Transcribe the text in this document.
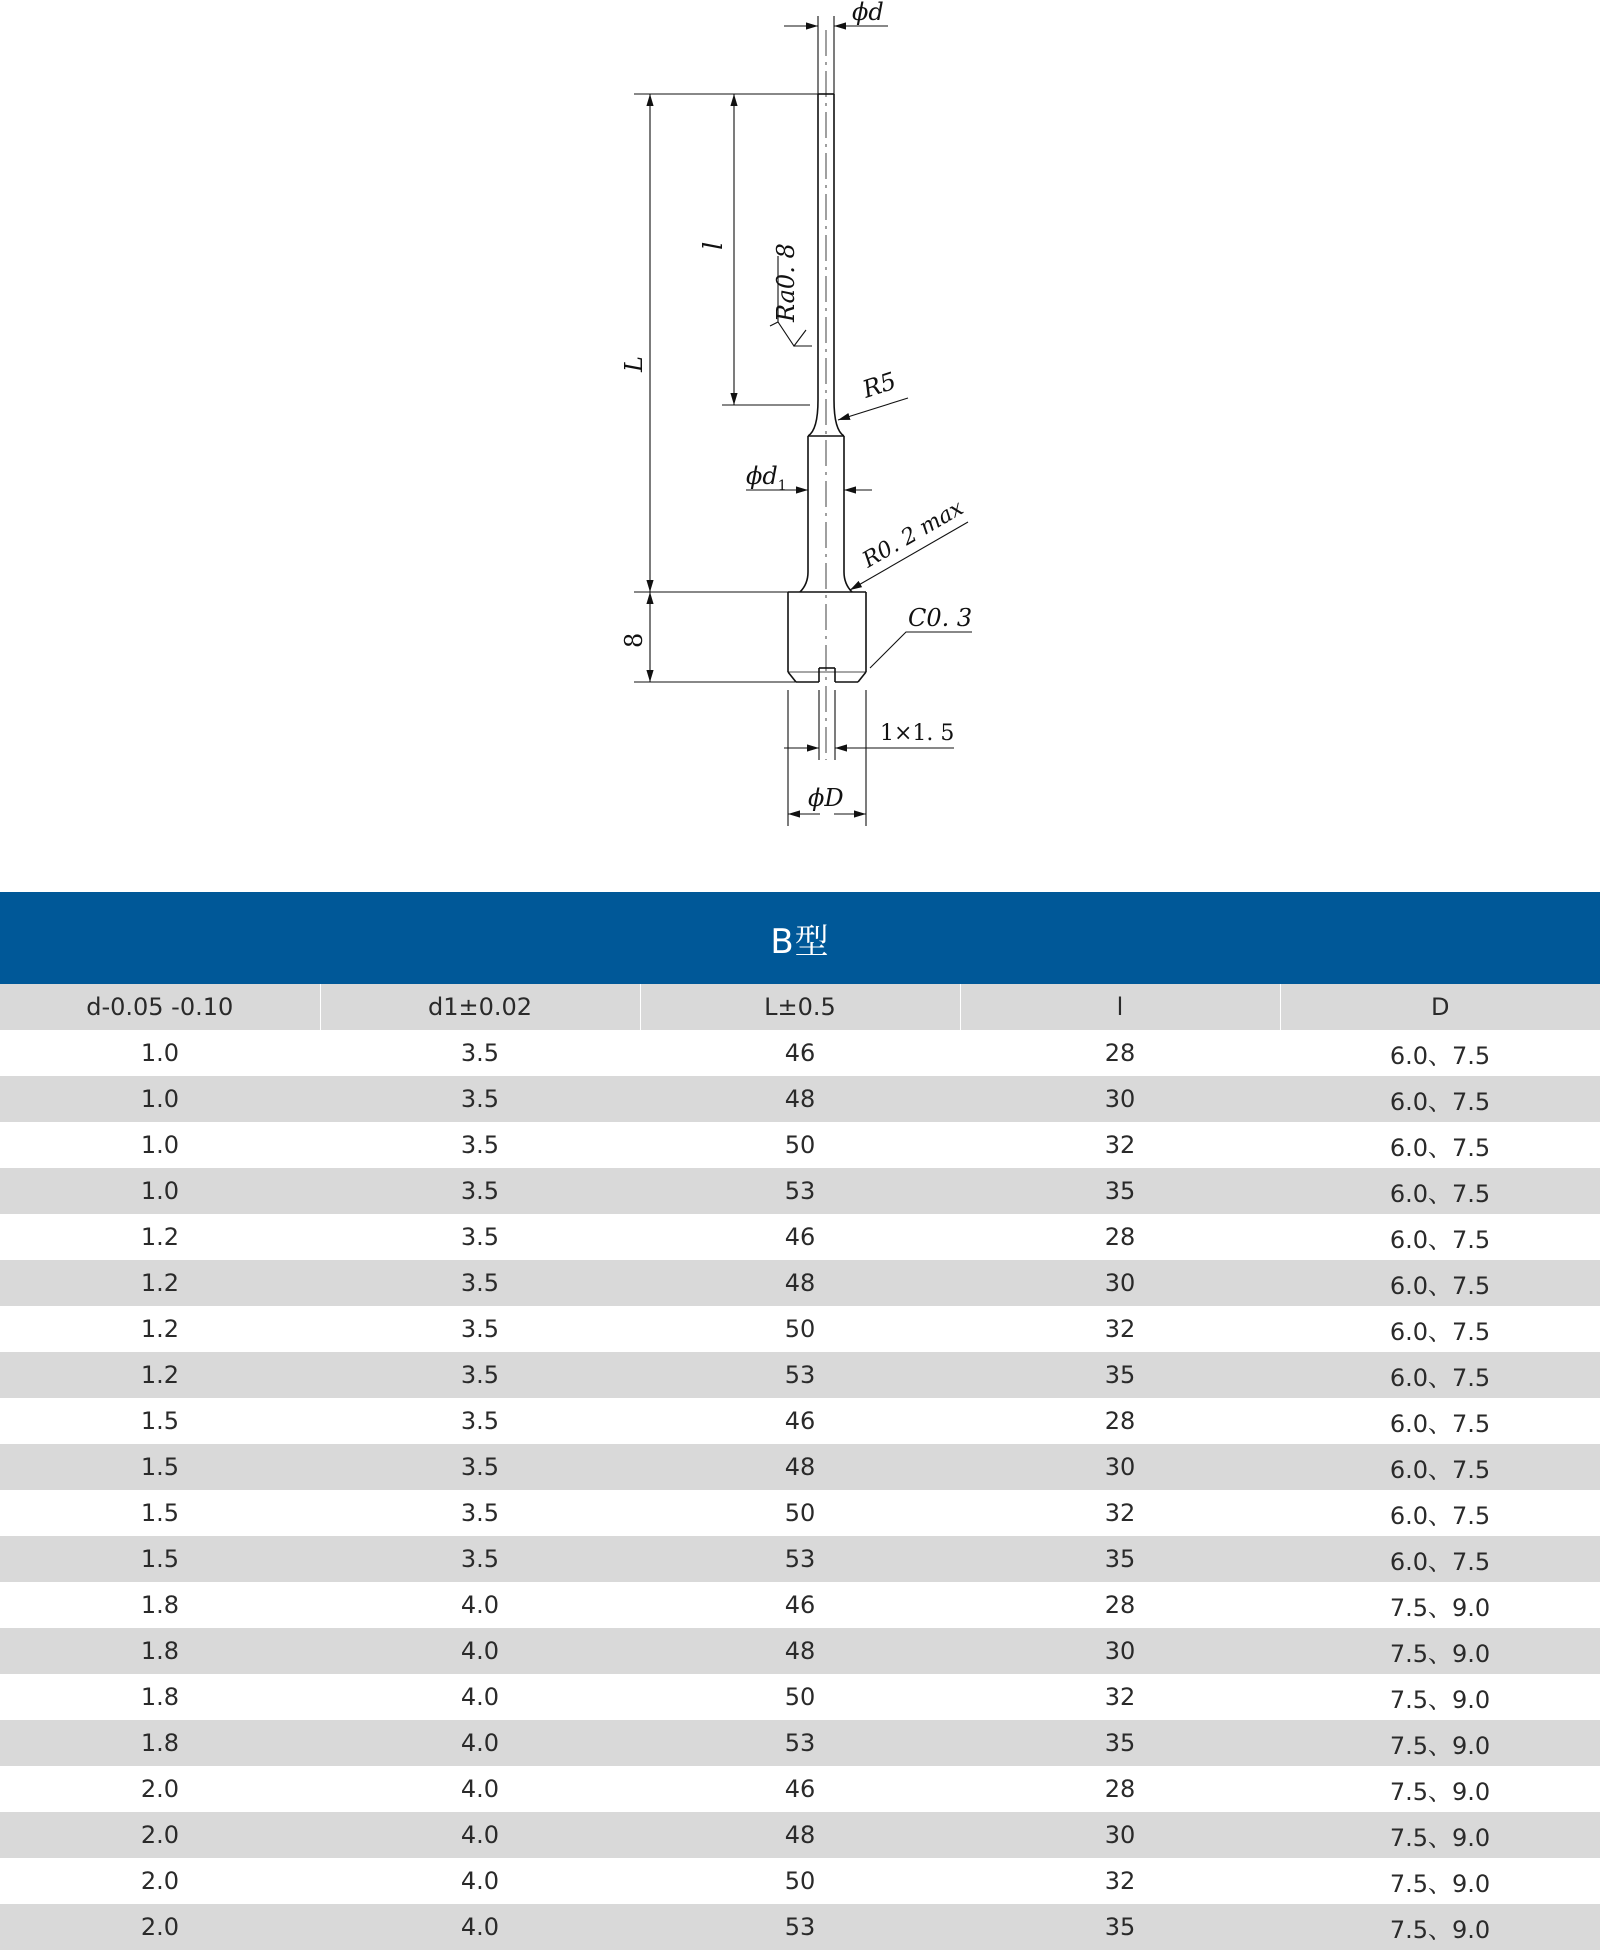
ϕd
l
L
Ra0. 8
R5
$\phi d_1$
R0. 2 max
C0. 3
8
1×1. 5
ϕD
B型
d-0.05 -0.10	d1±0.02	L±0.5	l	D
1.0	3.5	46	28	6.0、7.5
1.0	3.5	48	30	6.0、7.5
1.0	3.5	50	32	6.0、7.5
1.0	3.5	53	35	6.0、7.5
1.2	3.5	46	28	6.0、7.5
1.2	3.5	48	30	6.0、7.5
1.2	3.5	50	32	6.0、7.5
1.2	3.5	53	35	6.0、7.5
1.5	3.5	46	28	6.0、7.5
1.5	3.5	48	30	6.0、7.5
1.5	3.5	50	32	6.0、7.5
1.5	3.5	53	35	6.0、7.5
1.8	4.0	46	28	7.5、9.0
1.8	4.0	48	30	7.5、9.0
1.8	4.0	50	32	7.5、9.0
1.8	4.0	53	35	7.5、9.0
2.0	4.0	46	28	7.5、9.0
2.0	4.0	48	30	7.5、9.0
2.0	4.0	50	32	7.5、9.0
2.0	4.0	53	35	7.5、9.0
